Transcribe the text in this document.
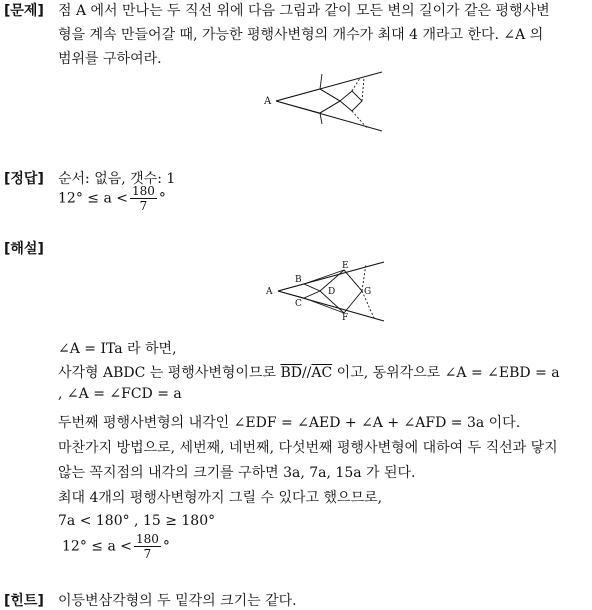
[문제] 점 A 에서 만나는 두 직선 위에 다음 그림과 같이 모든 변의 길이가 같은 평행사변
형을 계속 만들어갈 때, 가능한 평행사변형의 개수가 최대 4 개라고 한다. ∠A 의
범위를 구하여라.
A
[정답] 순서: 없음, 갯수: 1
$12^\circ \le a < \frac{180}{7}$ °
[해설]
A
B
C
D
E
F
G
∠A = ITa 라 하면,
사각형 ABDC 는 평행사변형이므로 $\overline{BD}//\overline{AC}$ 이고, 동위각으로 ∠A = ∠EBD = a
, ∠A = ∠FCD = a
두번째 평행사변형의 내각인 ∠EDF = ∠AED + ∠A + ∠AFD = 3a 이다.
마찬가지 방법으로, 세번째, 네번째, 다섯번째 평행사변형에 대하여 두 직선과 닿지
않는 꼭지점의 내각의 크기를 구하면 3a, 7a, 15a 가 된다.
최대 4개의 평행사변형까지 그릴 수 있다고 했으므로,
7a < 180° , 15 ≥ 180°
$12^\circ \le a < \frac{180}{7}$ °
[힌트] 이등변삼각형의 두 밑각의 크기는 같다.
